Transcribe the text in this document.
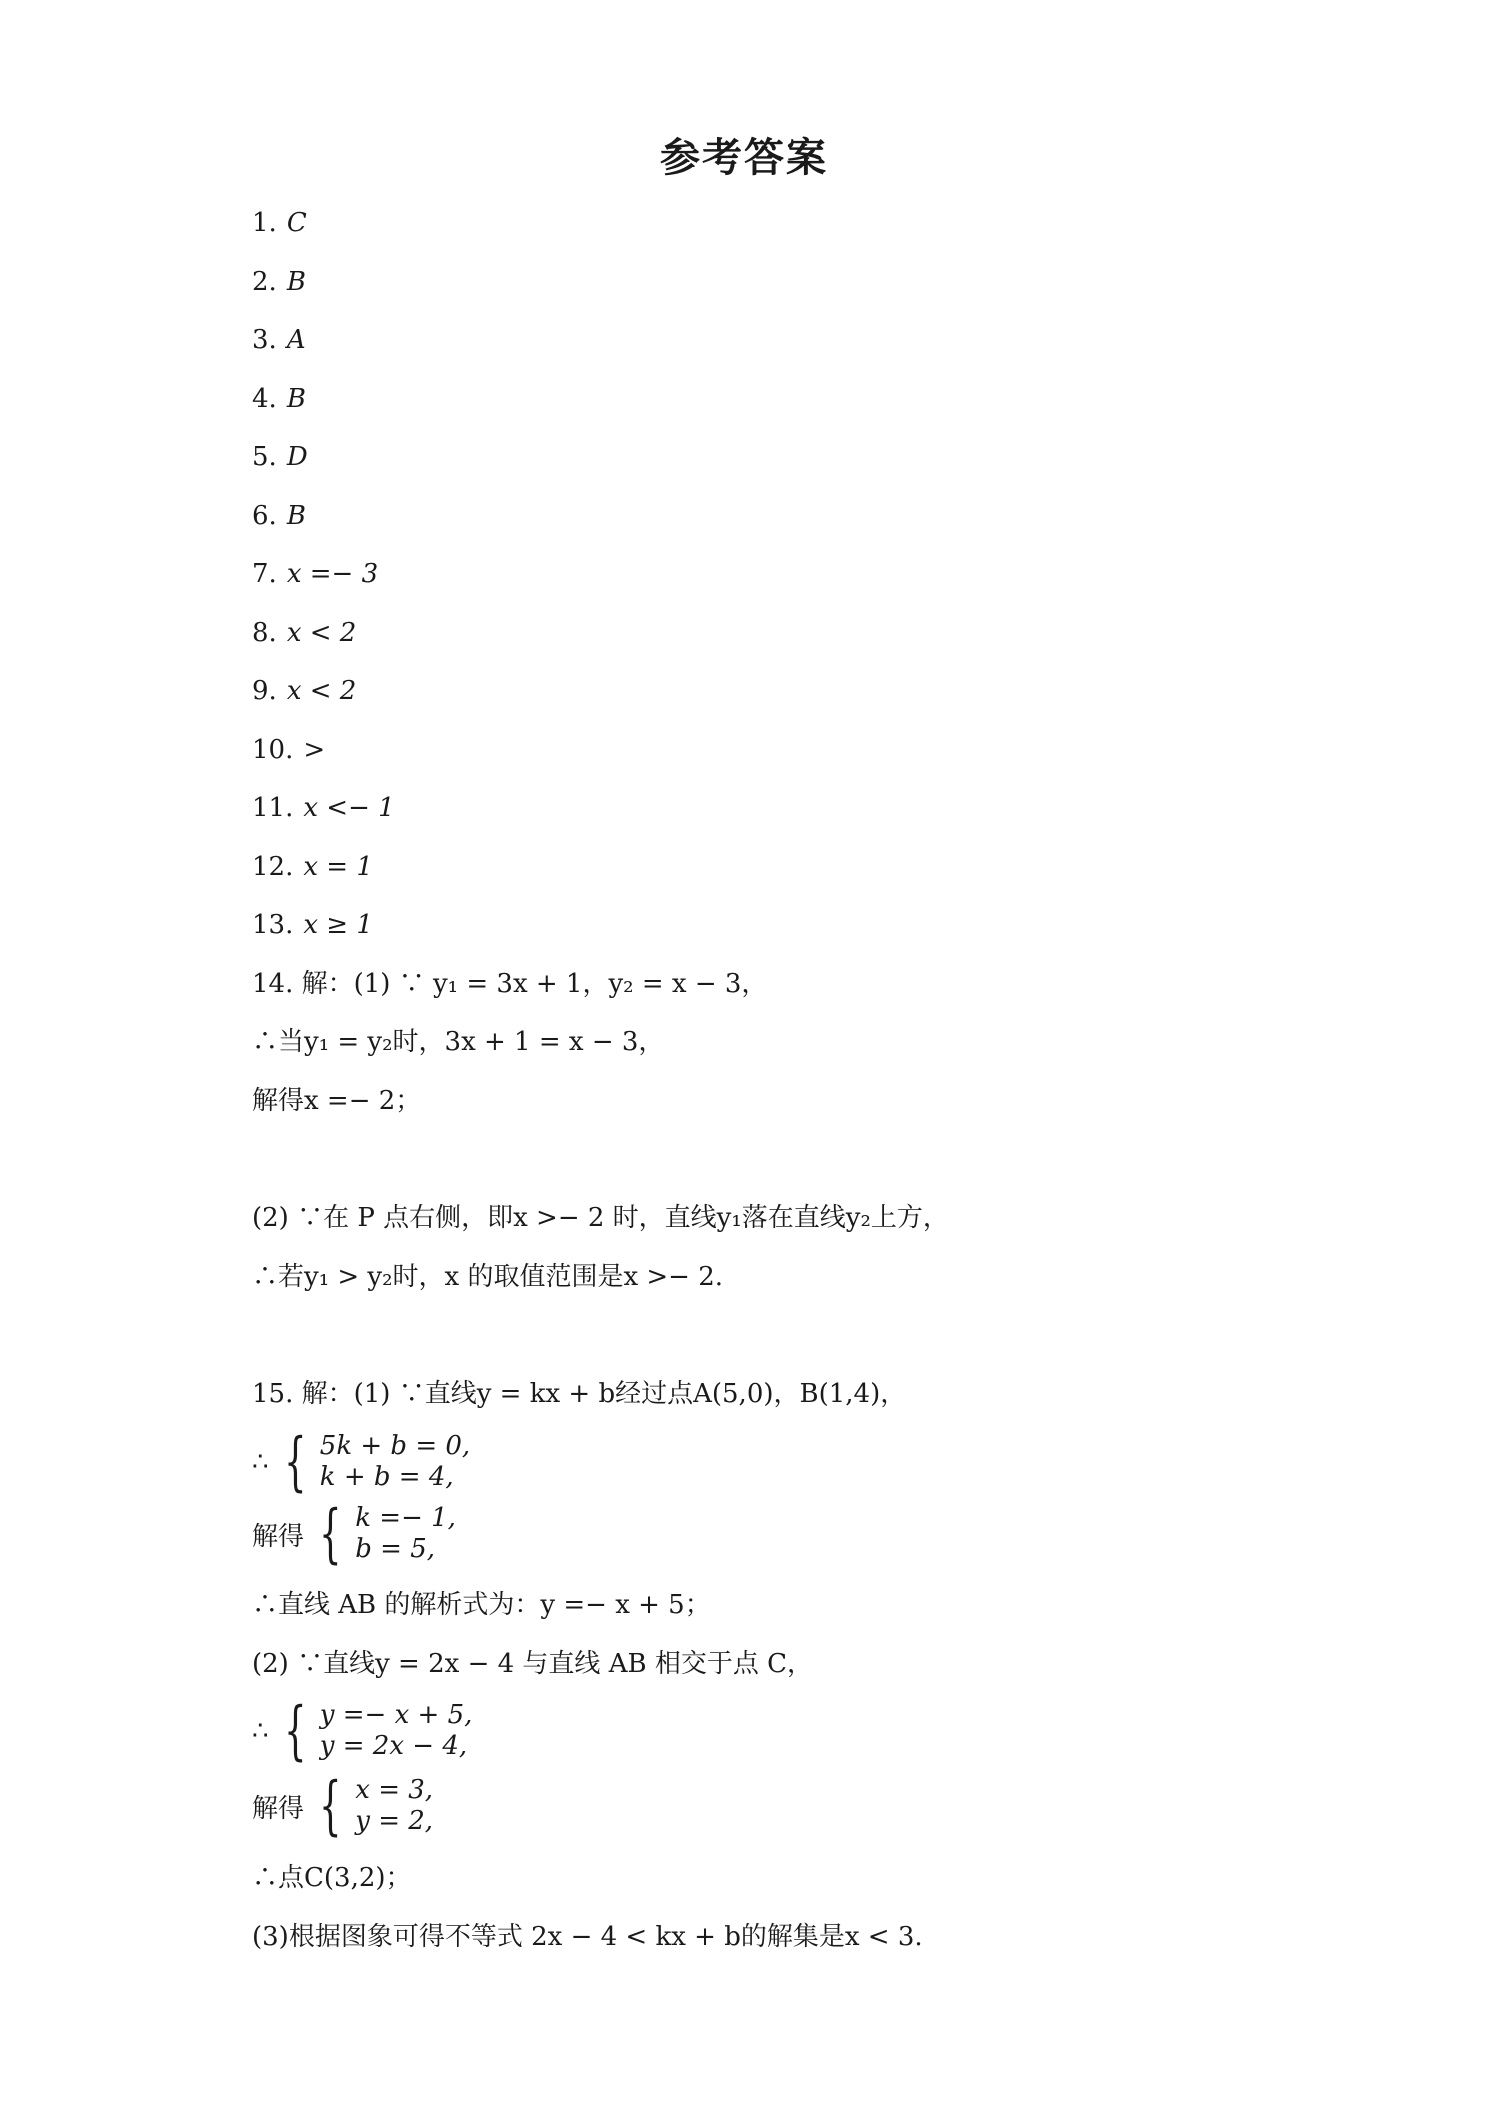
参考答案
1. C
2. B
3. A
4. B
5. D
6. B
7. x =− 3
8. x < 2
9. x < 2
10. >
11. x <− 1
12. x = 1
13. x ≥ 1
14. 解：(1) ∵ y₁ = 3x + 1，y₂ = x − 3，
∴当y₁ = y₂时，3x + 1 = x − 3，
解得x =− 2；
(2) ∵在 P 点右侧，即x >− 2 时，直线y₁落在直线y₂上方，
∴若y₁ > y₂时，x 的取值范围是x >− 2.
15. 解：(1) ∵直线y = kx + b经过点A(5,0)，B(1,4)，
∴ { 5k + b = 0,
k + b = 4,
解得 { k =− 1,
b = 5,
∴直线 AB 的解析式为：y =− x + 5；
(2) ∵直线y = 2x − 4 与直线 AB 相交于点 C，
∴ { y =− x + 5,
y = 2x − 4,
解得 { x = 3,
y = 2,
∴点C(3,2)；
(3)根据图象可得不等式 2x − 4 < kx + b的解集是x < 3.
